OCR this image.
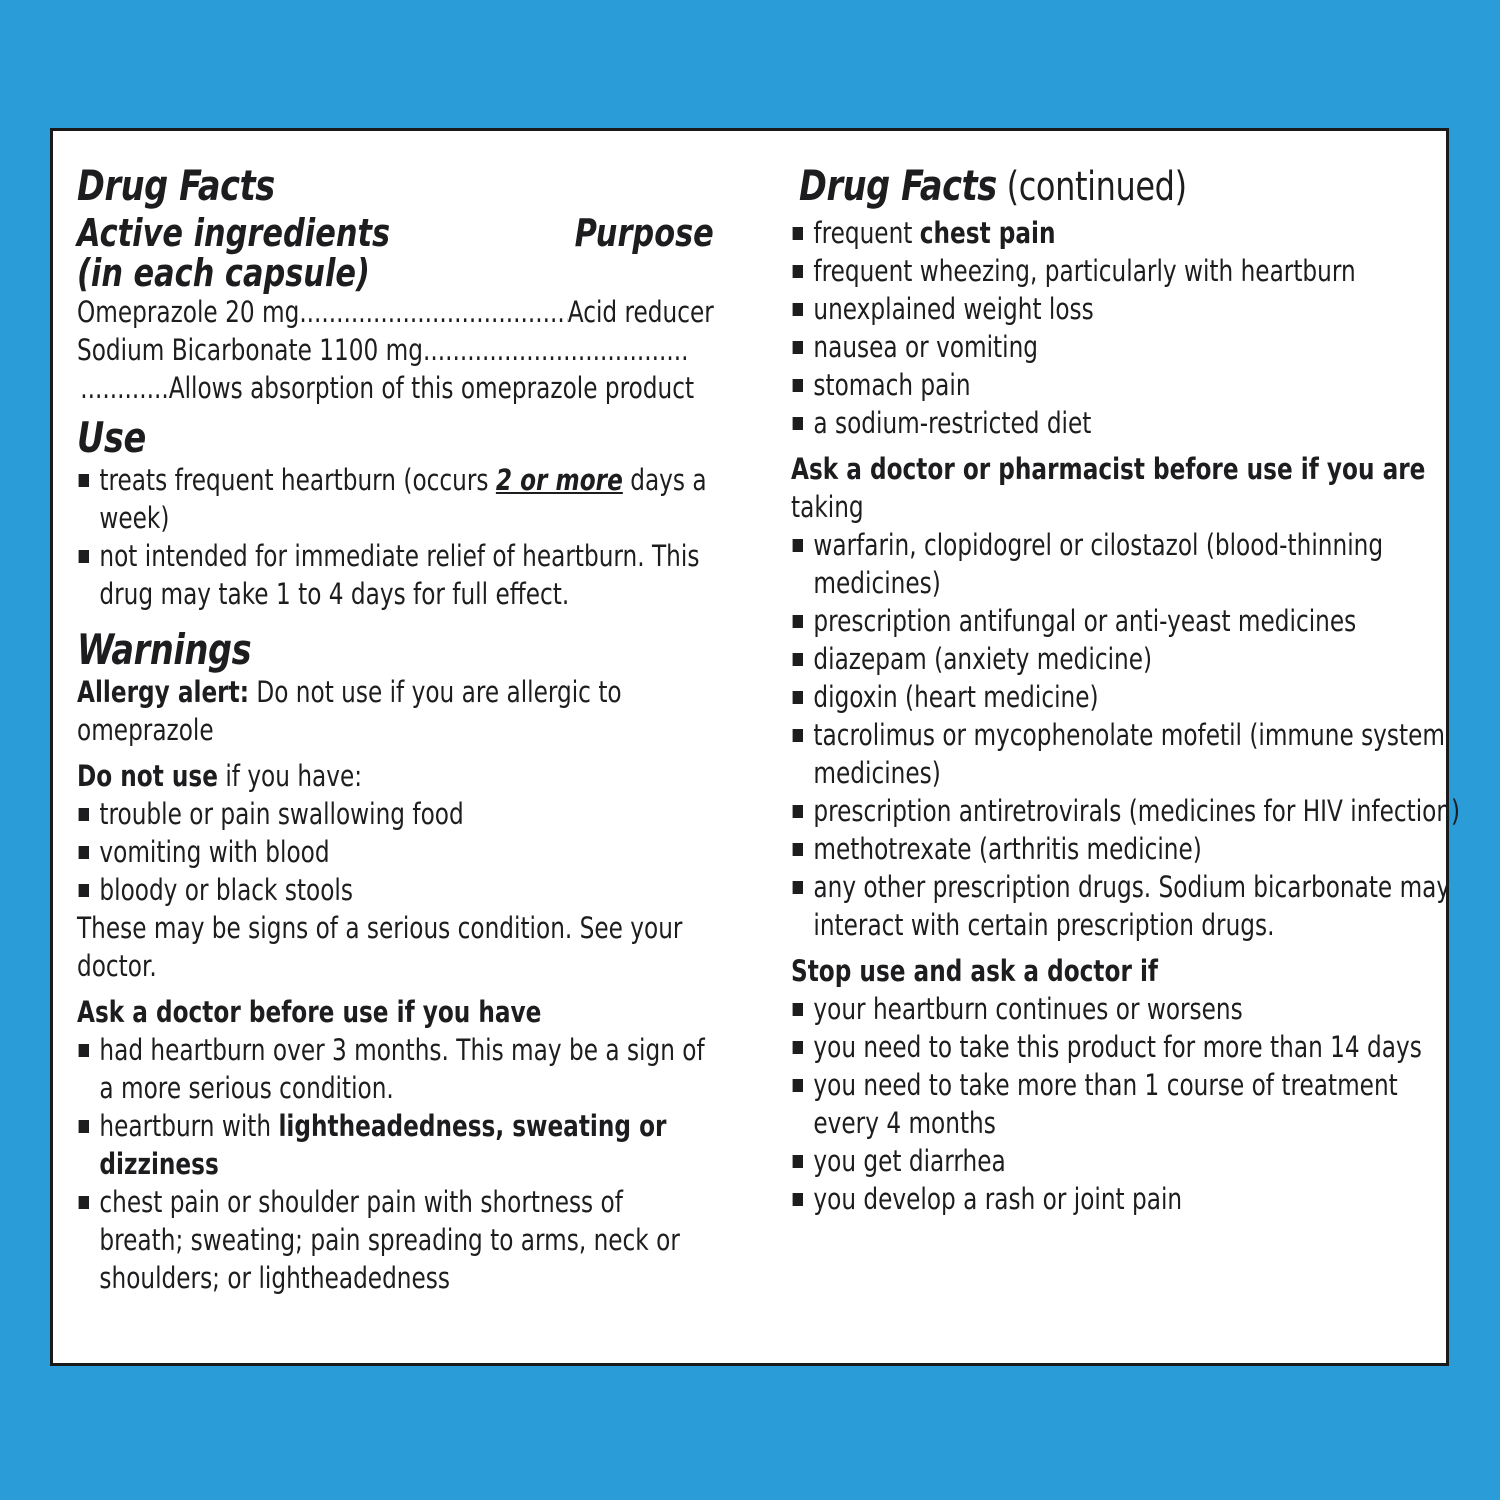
Drug Facts
Active ingredients
(in each capsule)
Purpose
Omeprazole 20 mg
.....	Acid reducer
Sodium Bicarbonate 1100 mg ....................................
............Allows absorption of this omeprazole product
Use
treats frequent heartburn (occurs 2 or more days a week)
not intended for immediate relief of heartburn. This drug may take 1 to 4 days for full effect.
Warnings
Allergy alert: Do not use if you are allergic to omeprazole
Do not use if you have:
trouble or pain swallowing food
vomiting with blood
bloody or black stools
These may be signs of a serious condition. See your doctor.
Ask a doctor before use if you have
had heartburn over 3 months. This may be a sign of a more serious condition.
heartburn with lightheadedness, sweating or dizziness
chest pain or shoulder pain with shortness of breath; sweating; pain spreading to arms, neck or shoulders; or lightheadedness
Drug Facts (continued)
frequent chest pain
frequent wheezing, particularly with heartburn
unexplained weight loss
nausea or vomiting
stomach pain
a sodium-restricted diet
Ask a doctor or pharmacist before use if you are
taking
warfarin, clopidogrel or cilostazol (blood-thinning medicines)
prescription antifungal or anti-yeast medicines
diazepam (anxiety medicine)
digoxin (heart medicine)
tacrolimus or mycophenolate mofetil (immune system medicines)
prescription antiretrovirals (medicines for HIV infection)
methotrexate (arthritis medicine)
any other prescription drugs. Sodium bicarbonate may interact with certain prescription drugs.
Stop use and ask a doctor if
your heartburn continues or worsens
you need to take this product for more than 14 days
you need to take more than 1 course of treatment every 4 months
you get diarrhea
you develop a rash or joint pain
